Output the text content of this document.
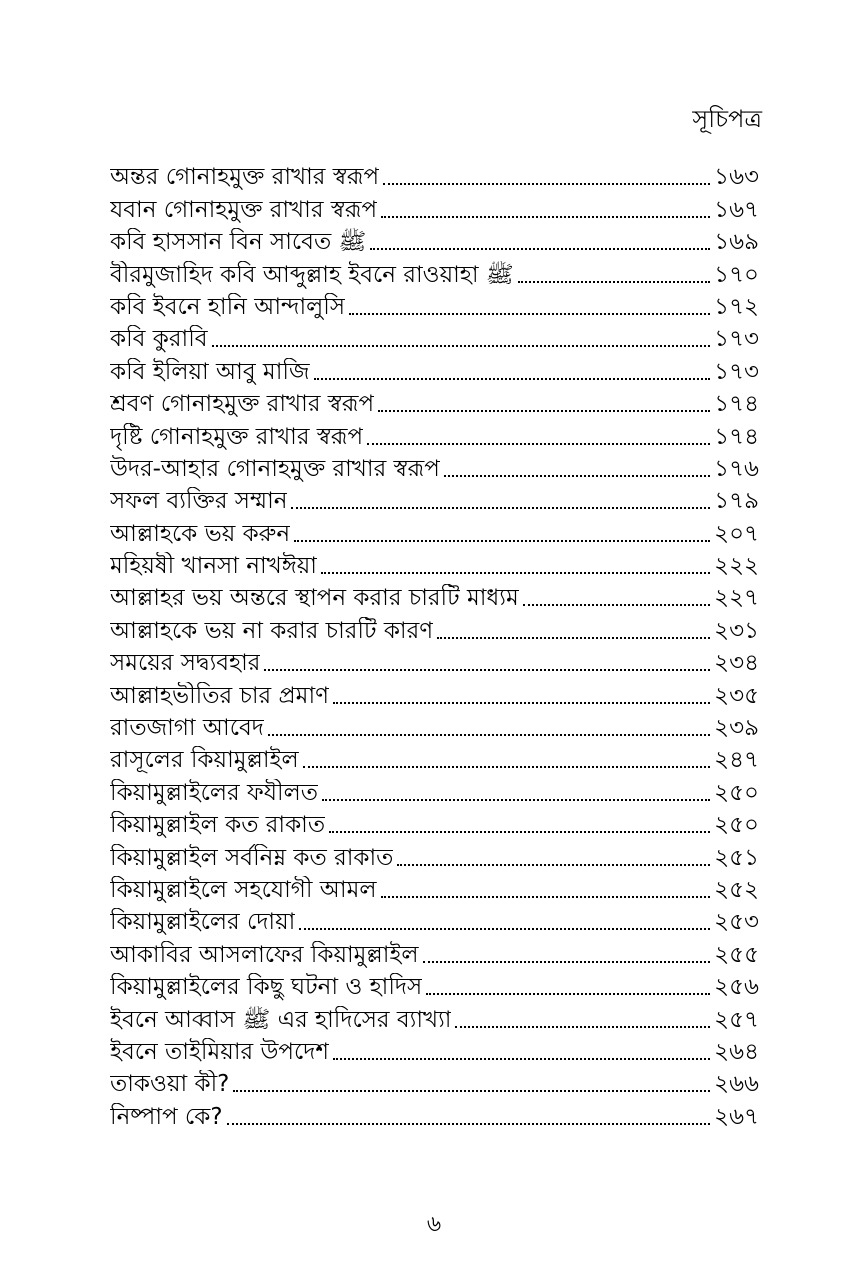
সূচিপত্র
অন্তর গোনাহমুক্ত রাখার স্বরূপ	১৬৩
যবান গোনাহমুক্ত রাখার স্বরূপ	১৬৭
কবি হাসসান বিন সাবেত ﷺ	১৬৯
বীরমুজাহিদ কবি আব্দুল্লাহ ইবনে রাওয়াহা ﷺ	১৭০
কবি ইবনে হানি আন্দালুসি	১৭২
কবি কুরাবি	১৭৩
কবি ইলিয়া আবু মাজি	১৭৩
শ্রবণ গোনাহমুক্ত রাখার স্বরূপ	১৭৪
দৃষ্টি গোনাহমুক্ত রাখার স্বরূপ	১৭৪
উদর-আহার গোনাহমুক্ত রাখার স্বরূপ	১৭৬
সফল ব্যক্তির সম্মান	১৭৯
আল্লাহকে ভয় করুন	২০৭
মহিয়ষী খানসা নাখঈয়া	২২২
আল্লাহর ভয় অন্তরে স্থাপন করার চারটি মাধ্যম	২২৭
আল্লাহকে ভয় না করার চারটি কারণ	২৩১
সময়ের সদ্ব্যবহার	২৩৪
আল্লাহভীতির চার প্রমাণ	২৩৫
রাতজাগা আবেদ	২৩৯
রাসূলের কিয়ামুল্লাইল	২৪৭
কিয়ামুল্লাইলের ফযীলত	২৫০
কিয়ামুল্লাইল কত রাকাত	২৫০
কিয়ামুল্লাইল সর্বনিম্ন কত রাকাত	২৫১
কিয়ামুল্লাইলে সহযোগী আমল	২৫২
কিয়ামুল্লাইলের দোয়া	২৫৩
আকাবির আসলাফের কিয়ামুল্লাইল	২৫৫
কিয়ামুল্লাইলের কিছু ঘটনা ও হাদিস	২৫৬
ইবনে আব্বাস ﷺ এর হাদিসের ব্যাখ্যা	২৫৭
ইবনে তাইমিয়ার উপদেশ	২৬৪
তাকওয়া কী?	২৬৬
নিষ্পাপ কে?	২৬৭
৬
